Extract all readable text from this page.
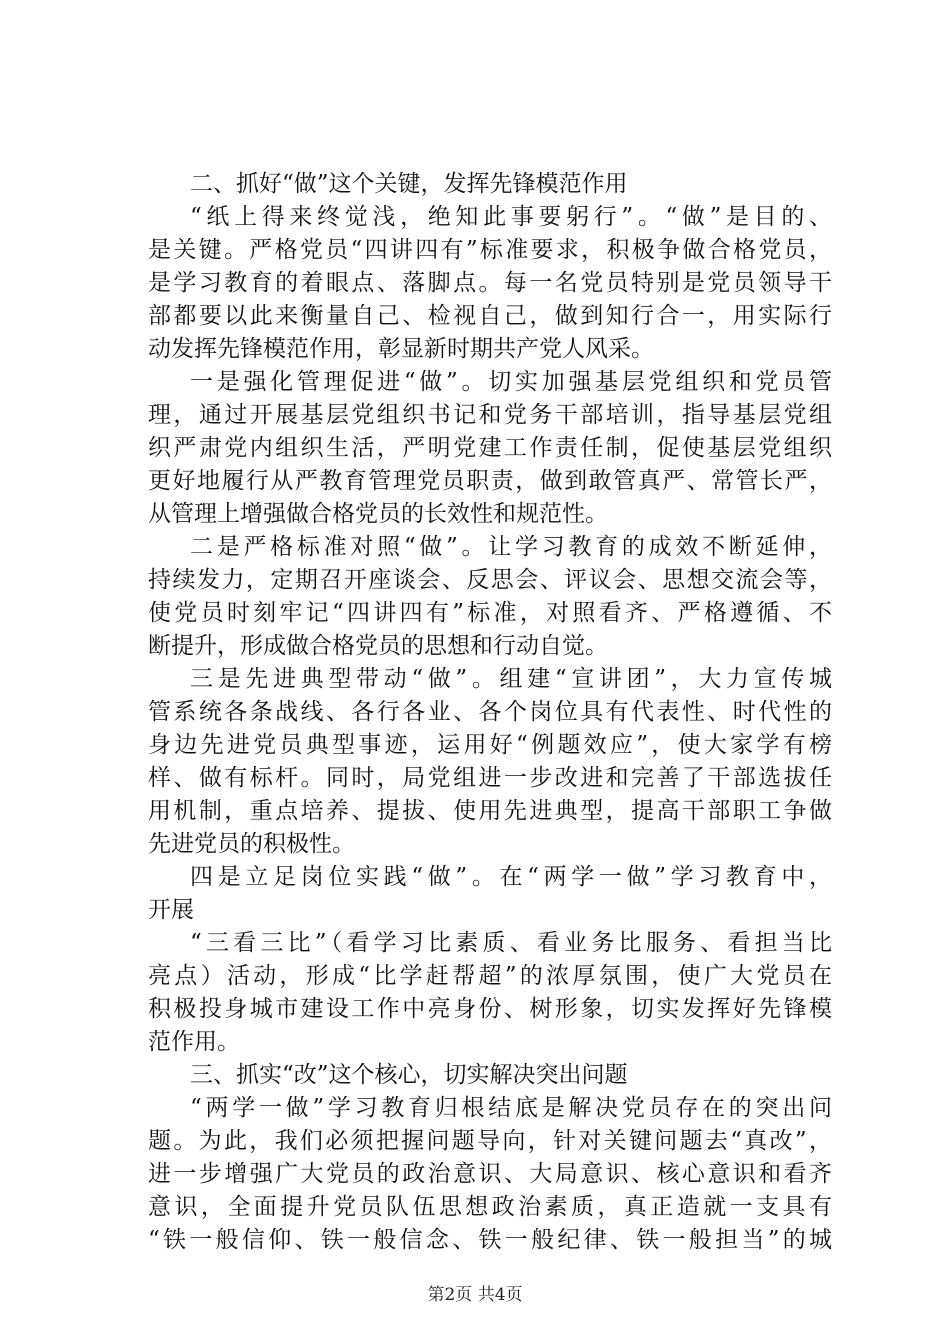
二、抓好“做”这个关键，发挥先锋模范作用
“纸上得来终觉浅，绝知此事要躬行”。“做”是目的、
是关键。严格党员“四讲四有”标准要求，积极争做合格党员，
是学习教育的着眼点、落脚点。每一名党员特别是党员领导干
部都要以此来衡量自己、检视自己，做到知行合一，用实际行
动发挥先锋模范作用，彰显新时期共产党人风采。
一是强化管理促进“做”。切实加强基层党组织和党员管
理，通过开展基层党组织书记和党务干部培训，指导基层党组
织严肃党内组织生活，严明党建工作责任制，促使基层党组织
更好地履行从严教育管理党员职责，做到敢管真严、常管长严，
从管理上增强做合格党员的长效性和规范性。
二是严格标准对照“做”。让学习教育的成效不断延伸，
持续发力，定期召开座谈会、反思会、评议会、思想交流会等，
使党员时刻牢记“四讲四有”标准，对照看齐、严格遵循、不
断提升，形成做合格党员的思想和行动自觉。
三是先进典型带动“做”。组建“宣讲团”，大力宣传城
管系统各条战线、各行各业、各个岗位具有代表性、时代性的
身边先进党员典型事迹，运用好“例题效应”，使大家学有榜
样、做有标杆。同时，局党组进一步改进和完善了干部选拔任
用机制，重点培养、提拔、使用先进典型，提高干部职工争做
先进党员的积极性。
四是立足岗位实践“做”。在“两学一做”学习教育中，
开展
“三看三比”（看学习比素质、看业务比服务、看担当比
亮点）活动，形成“比学赶帮超”的浓厚氛围，使广大党员在
积极投身城市建设工作中亮身份、树形象，切实发挥好先锋模
范作用。
三、抓实“改”这个核心，切实解决突出问题
“两学一做”学习教育归根结底是解决党员存在的突出问
题。为此，我们必须把握问题导向，针对关键问题去“真改”，
进一步增强广大党员的政治意识、大局意识、核心意识和看齐
意识，全面提升党员队伍思想政治素质，真正造就一支具有
“铁一般信仰、铁一般信念、铁一般纪律、铁一般担当”的城
第2页 共4页
